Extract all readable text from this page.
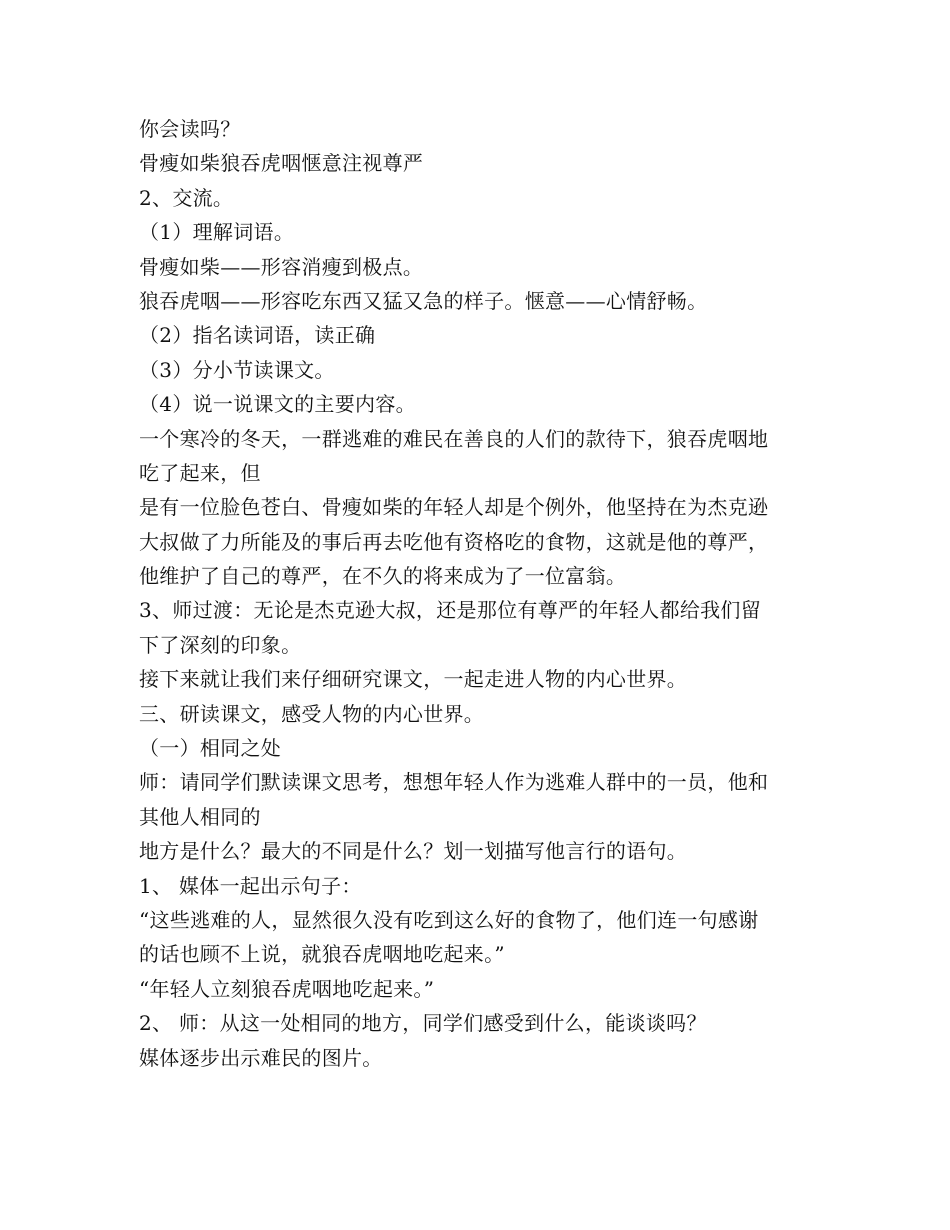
你会读吗？
骨瘦如柴狼吞虎咽惬意注视尊严
2、交流。
（1）理解词语。
骨瘦如柴——形容消瘦到极点。
狼吞虎咽——形容吃东西又猛又急的样子。惬意——心情舒畅。
（2）指名读词语，读正确
（3）分小节读课文。
（4）说一说课文的主要内容。
一个寒冷的冬天，一群逃难的难民在善良的人们的款待下，狼吞虎咽地
吃了起来，但
是有一位脸色苍白、骨瘦如柴的年轻人却是个例外，他坚持在为杰克逊
大叔做了力所能及的事后再去吃他有资格吃的食物，这就是他的尊严，
他维护了自己的尊严，在不久的将来成为了一位富翁。
3、师过渡：无论是杰克逊大叔，还是那位有尊严的年轻人都给我们留
下了深刻的印象。
接下来就让我们来仔细研究课文，一起走进人物的内心世界。
三、研读课文，感受人物的内心世界。
（一）相同之处
师：请同学们默读课文思考，想想年轻人作为逃难人群中的一员，他和
其他人相同的
地方是什么？最大的不同是什么？划一划描写他言行的语句。
1、 媒体一起出示句子：
“这些逃难的人，显然很久没有吃到这么好的食物了，他们连一句感谢
的话也顾不上说，就狼吞虎咽地吃起来。”
“年轻人立刻狼吞虎咽地吃起来。”
2、 师：从这一处相同的地方，同学们感受到什么，能谈谈吗？
媒体逐步出示难民的图片。
